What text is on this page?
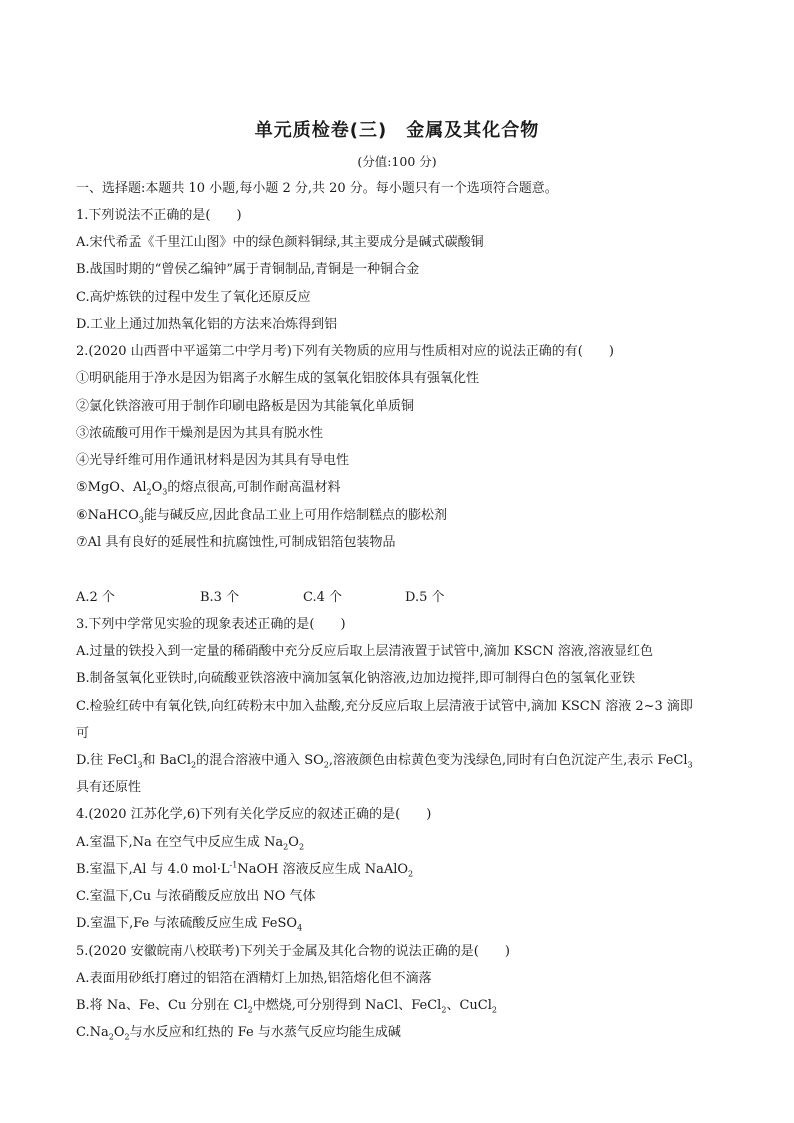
单元质检卷(三)　金属及其化合物
(分值:100 分)
一、选择题:本题共 10 小题,每小题 2 分,共 20 分。每小题只有一个选项符合题意。
1.下列说法不正确的是(　　)
A.宋代希孟《千里江山图》中的绿色颜料铜绿,其主要成分是碱式碳酸铜
B.战国时期的“曾侯乙编钟”属于青铜制品,青铜是一种铜合金
C.高炉炼铁的过程中发生了氧化还原反应
D.工业上通过加热氧化铝的方法来冶炼得到铝
2.(2020 山西晋中平遥第二中学月考)下列有关物质的应用与性质相对应的说法正确的有(　　)
①明矾能用于净水是因为铝离子水解生成的氢氧化铝胶体具有强氧化性
②氯化铁溶液可用于制作印刷电路板是因为其能氧化单质铜
③浓硫酸可用作干燥剂是因为其具有脱水性
④光导纤维可用作通讯材料是因为其具有导电性
⑤MgO、$Al_2O_3$的熔点很高,可制作耐高温材料
⑥NaHCO$_3$能与碱反应,因此食品工业上可用作焙制糕点的膨松剂
⑦Al 具有良好的延展性和抗腐蚀性,可制成铝箔包装物品
A.2 个	B.3 个	C.4 个	D.5 个
3.下列中学常见实验的现象表述正确的是(　　)
A.过量的铁投入到一定量的稀硝酸中充分反应后取上层清液置于试管中,滴加 KSCN 溶液,溶液显红色
B.制备氢氧化亚铁时,向硫酸亚铁溶液中滴加氢氧化钠溶液,边加边搅拌,即可制得白色的氢氧化亚铁
C.检验红砖中有氧化铁,向红砖粉末中加入盐酸,充分反应后取上层清液于试管中,滴加 KSCN 溶液 2~3 滴即
可
D.往 FeCl$_3$和 BaCl$_2$的混合溶液中通入 $SO_2$,溶液颜色由棕黄色变为浅绿色,同时有白色沉淀产生,表示 FeCl$_3$
具有还原性
4.(2020 江苏化学,6)下列有关化学反应的叙述正确的是(　　)
A.室温下,Na 在空气中反应生成 $Na_2O_2$
B.室温下,Al 与 4.0 $mol\cdot L^{-1}NaOH$ 溶液反应生成 NaAlO$_2$
C.室温下,Cu 与浓硝酸反应放出 NO 气体
D.室温下,Fe 与浓硫酸反应生成 FeSO$_4$
5.(2020 安徽皖南八校联考)下列关于金属及其化合物的说法正确的是(　　)
A.表面用砂纸打磨过的铝箔在酒精灯上加热,铝箔熔化但不滴落
B.将 Na、Fe、Cu 分别在 $Cl_2$中燃烧,可分别得到 NaCl、FeCl$_2$、CuCl$_2$
$C.Na_2O_2$与水反应和红热的 Fe 与水蒸气反应均能生成碱
